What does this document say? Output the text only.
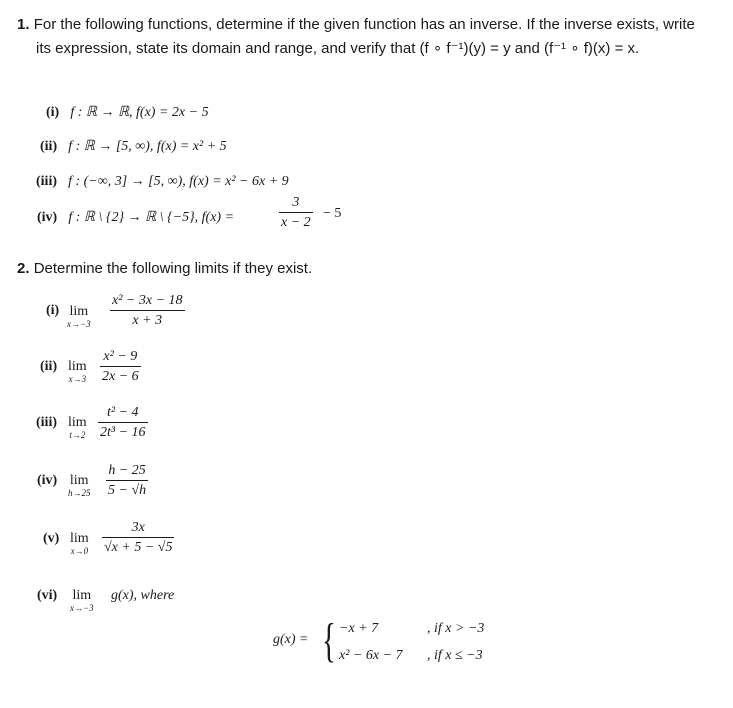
1. For the following functions, determine if the given function has an inverse. If the inverse exists, write
its expression, state its domain and range, and verify that (f ∘ f⁻¹)(y) = y and (f⁻¹ ∘ f)(x) = x.
(i) f : ℝ → ℝ, f(x) = 2x − 5
(ii) f : ℝ → [5, ∞), f(x) = x² + 5
(iii) f : (−∞, 3] → [5, ∞), f(x) = x² − 6x + 9
(iv) f : ℝ \ {2} → ℝ \ {−5}, f(x) =
3
x − 2
− 5
2. Determine the following limits if they exist.
(i) lim
x→−3
x² − 3x − 18
x + 3
(ii) lim
x→3
x² − 9
2x − 6
(iii) lim
t→2
t² − 4
2t³ − 16
(iv) lim
h→25
h − 25
5 − √h
(v) lim
x→0
3x
√x + 5 − √5
(vi) lim
x→−3
g(x), where
g(x) = { −x + 7	, if x > −3
x² − 6x − 7 , if x ≤ −3
